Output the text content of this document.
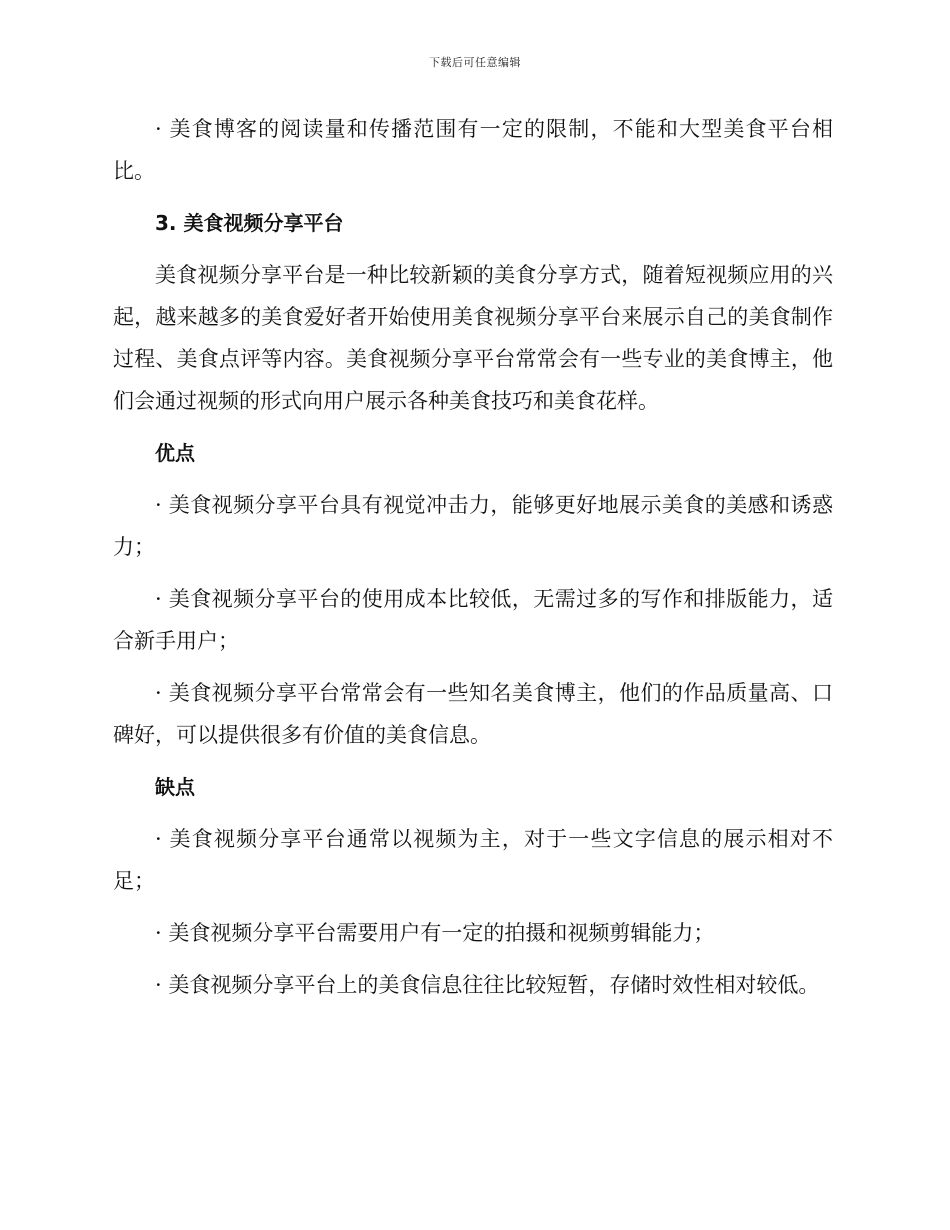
下载后可任意编辑

· 美食博客的阅读量和传播范围有一定的限制，不能和大型美食平台相比。

3. 美食视频分享平台

美食视频分享平台是一种比较新颖的美食分享方式，随着短视频应用的兴起，越来越多的美食爱好者开始使用美食视频分享平台来展示自己的美食制作过程、美食点评等内容。美食视频分享平台常常会有一些专业的美食博主，他们会通过视频的形式向用户展示各种美食技巧和美食花样。

优点

· 美食视频分享平台具有视觉冲击力，能够更好地展示美食的美感和诱惑力；

· 美食视频分享平台的使用成本比较低，无需过多的写作和排版能力，适合新手用户；

· 美食视频分享平台常常会有一些知名美食博主，他们的作品质量高、口碑好，可以提供很多有价值的美食信息。

缺点

· 美食视频分享平台通常以视频为主，对于一些文字信息的展示相对不足；

· 美食视频分享平台需要用户有一定的拍摄和视频剪辑能力；

· 美食视频分享平台上的美食信息往往比较短暂，存储时效性相对较低。
